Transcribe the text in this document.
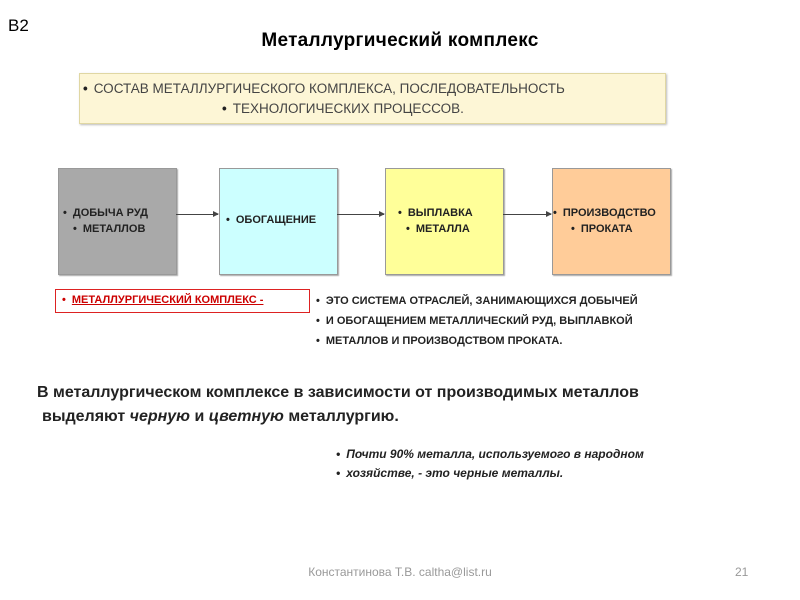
В2
Металлургический комплекс
• СОСТАВ МЕТАЛЛУРГИЧЕСКОГО КОМПЛЕКСА, ПОСЛЕДОВАТЕЛЬНОСТЬ
• ТЕХНОЛОГИЧЕСКИХ ПРОЦЕССОВ.
• ДОБЫЧА РУД
• МЕТАЛЛОВ
• ОБОГАЩЕНИЕ
• ВЫПЛАВКА
• МЕТАЛЛА
• ПРОИЗВОДСТВО
• ПРОКАТА
• МЕТАЛЛУРГИЧЕСКИЙ КОМПЛЕКС -	• ЭТО СИСТЕМА ОТРАСЛЕЙ, ЗАНИМАЮЩИХСЯ ДОБЫЧЕЙ
• И ОБОГАЩЕНИЕМ МЕТАЛЛИЧЕСКИЙ РУД, ВЫПЛАВКОЙ
• МЕТАЛЛОВ И ПРОИЗВОДСТВОМ ПРОКАТА.
В металлургическом комплексе в зависимости от производимых металлов
выделяют черную и цветную металлургию.
• Почти 90% металла, используемого в народном
• хозяйстве, - это черные металлы.
Константинова Т.В. caltha@list.ru	21
